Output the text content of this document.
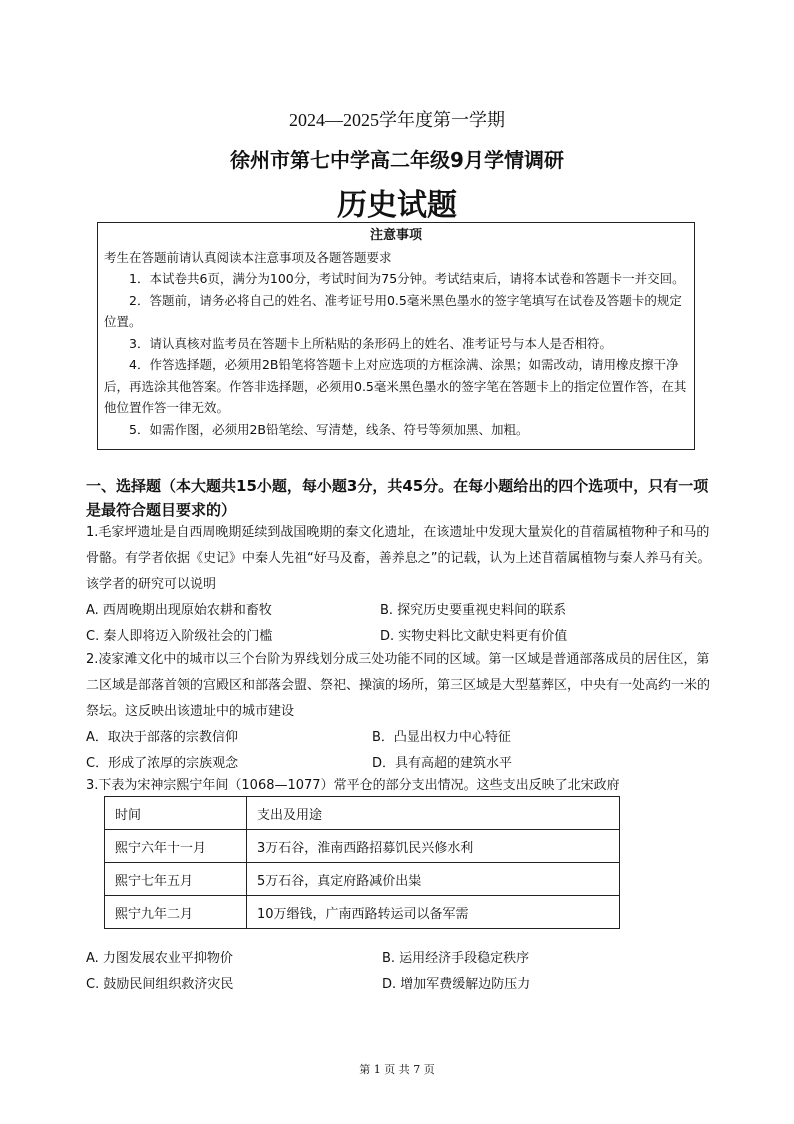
2024—2025学年度第一学期
徐州市第七中学高二年级9月学情调研
历史试题
注意事项
考生在答题前请认真阅读本注意事项及各题答题要求
1．本试卷共6页，满分为100分，考试时间为75分钟。考试结束后，请将本试卷和答题卡一并交回。
2．答题前，请务必将自己的姓名、准考证号用0.5毫米黑色墨水的签字笔填写在试卷及答题卡的规定位置。
3．请认真核对监考员在答题卡上所粘贴的条形码上的姓名、准考证号与本人是否相符。
4．作答选择题，必须用2B铅笔将答题卡上对应选项的方框涂满、涂黑；如需改动，请用橡皮擦干净后，再选涂其他答案。作答非选择题，必须用0.5毫米黑色墨水的签字笔在答题卡上的指定位置作答，在其他位置作答一律无效。
5．如需作图，必须用2B铅笔绘、写清楚，线条、符号等须加黑、加粗。
一、选择题（本大题共15小题，每小题3分，共45分。在每小题给出的四个选项中，只有一项是最符合题目要求的）
1.毛家坪遗址是自西周晚期延续到战国晚期的秦文化遗址，在该遗址中发现大量炭化的苜蓿属植物种子和马的骨骼。有学者依据《史记》中秦人先祖“好马及畜，善养息之”的记载，认为上述苜蓿属植物与秦人养马有关。该学者的研究可以说明
A. 西周晚期出现原始农耕和畜牧	B. 探究历史要重视史料间的联系
C. 秦人即将迈入阶级社会的门槛	D. 实物史料比文献史料更有价值
2.凌家滩文化中的城市以三个台阶为界线划分成三处功能不同的区域。第一区域是普通部落成员的居住区，第二区域是部落首领的宫殿区和部落会盟、祭祀、操演的场所，第三区域是大型墓葬区，中央有一处高约一米的祭坛。这反映出该遗址中的城市建设
A．取决于部落的宗教信仰	B．凸显出权力中心特征
C．形成了浓厚的宗族观念	D．具有高超的建筑水平
3.下表为宋神宗熙宁年间（1068—1077）常平仓的部分支出情况。这些支出反映了北宋政府
时间	支出及用途
熙宁六年十一月	3万石谷，淮南西路招募饥民兴修水利
熙宁七年五月	5万石谷，真定府路减价出粜
熙宁九年二月	10万缗钱，广南西路转运司以备军需
A. 力图发展农业平抑物价	B. 运用经济手段稳定秩序
C. 鼓励民间组织救济灾民	D. 增加军费缓解边防压力
第 1 页 共 7 页
